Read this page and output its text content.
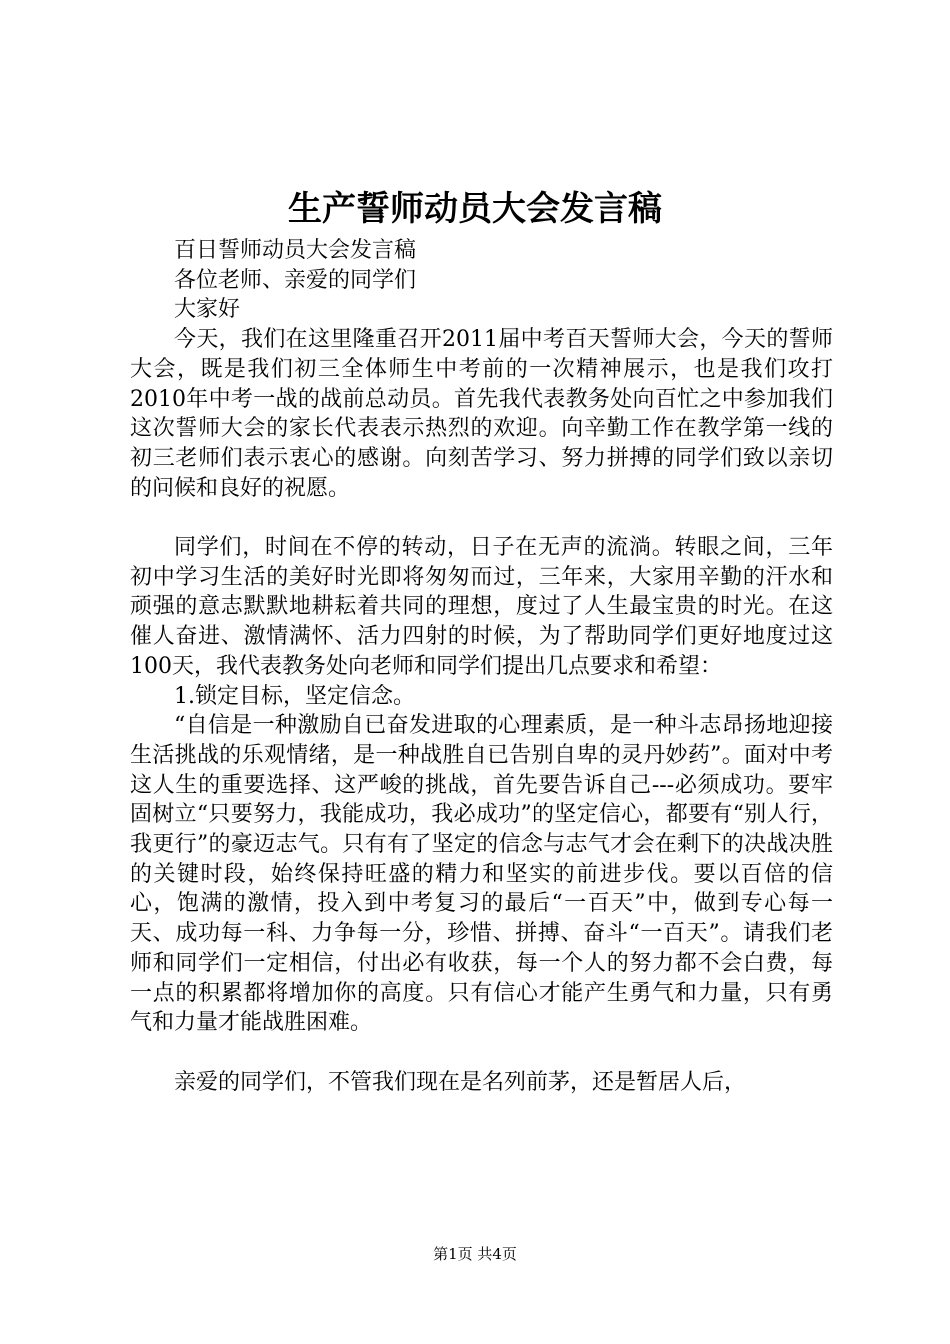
生产誓师动员大会发言稿

百日誓师动员大会发言稿

各位老师、亲爱的同学们

大家好

今天，我们在这里隆重召开2011届中考百天誓师大会，今天的誓师大会，既是我们初三全体师生中考前的一次精神展示，也是我们攻打2010年中考一战的战前总动员。首先我代表教务处向百忙之中参加我们这次誓师大会的家长代表表示热烈的欢迎。向辛勤工作在教学第一线的初三老师们表示衷心的感谢。向刻苦学习、努力拼搏的同学们致以亲切的问候和良好的祝愿。

同学们，时间在不停的转动，日子在无声的流淌。转眼之间，三年初中学习生活的美好时光即将匆匆而过，三年来，大家用辛勤的汗水和顽强的意志默默地耕耘着共同的理想，度过了人生最宝贵的时光。在这催人奋进、激情满怀、活力四射的时候，为了帮助同学们更好地度过这100天，我代表教务处向老师和同学们提出几点要求和希望：

1.锁定目标，坚定信念。

“自信是一种激励自已奋发进取的心理素质，是一种斗志昂扬地迎接生活挑战的乐观情绪，是一种战胜自已告别自卑的灵丹妙药”。面对中考这人生的重要选择、这严峻的挑战，首先要告诉自己---必须成功。要牢固树立“只要努力，我能成功，我必成功”的坚定信心，都要有“别人行，我更行”的豪迈志气。只有有了坚定的信念与志气才会在剩下的决战决胜的关键时段，始终保持旺盛的精力和坚实的前进步伐。要以百倍的信心，饱满的激情，投入到中考复习的最后“一百天”中，做到专心每一天、成功每一科、力争每一分，珍惜、拼搏、奋斗“一百天”。请我们老师和同学们一定相信，付出必有收获，每一个人的努力都不会白费，每一点的积累都将增加你的高度。只有信心才能产生勇气和力量，只有勇气和力量才能战胜困难。

亲爱的同学们，不管我们现在是名列前茅，还是暂居人后，

第1页 共4页
